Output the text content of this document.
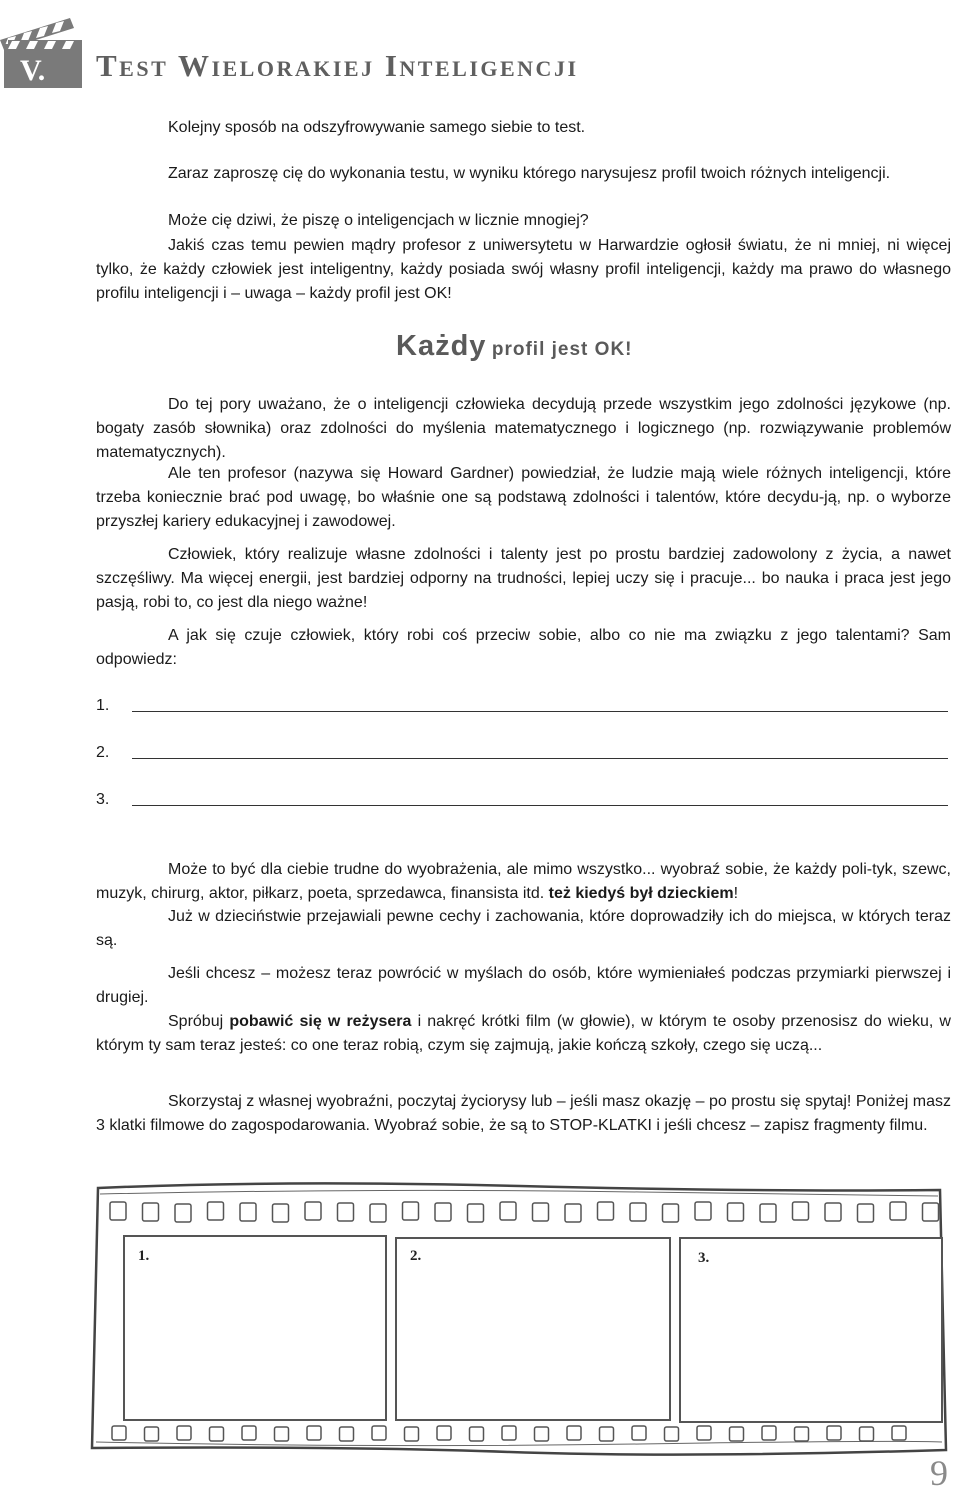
V. Test Wielorakiej Inteligencji

Kolejny sposób na odszyfrowywanie samego siebie to test.

Zaraz zaproszę cię do wykonania testu, w wyniku którego narysujesz profil twoich różnych inteligencji.

Może cię dziwi, że piszę o inteligencjach w licznie mnogiej?

Jakiś czas temu pewien mądry profesor z uniwersytetu w Harwardzie ogłosił światu, że ni mniej, ni więcej tylko, że każdy człowiek jest inteligentny, każdy posiada swój własny profil inteligencji, każdy ma prawo do własnego profilu inteligencji i – uwaga – każdy profil jest OK!

Każdy profil jest OK!

Do tej pory uważano, że o inteligencji człowieka decydują przede wszystkim jego zdolności językowe (np. bogaty zasób słownika) oraz zdolności do myślenia matematycznego i logicznego (np. rozwiązywanie problemów matematycznych).

Ale ten profesor (nazywa się Howard Gardner) powiedział, że ludzie mają wiele różnych inteligencji, które trzeba koniecznie brać pod uwagę, bo właśnie one są podstawą zdolności i talentów, które decydu-ją, np. o wyborze przyszłej kariery edukacyjnej i zawodowej.

Człowiek, który realizuje własne zdolności i talenty jest po prostu bardziej zadowolony z życia, a nawet szczęśliwy. Ma więcej energii, jest bardziej odporny na trudności, lepiej uczy się i pracuje... bo nauka i praca jest jego pasją, robi to, co jest dla niego ważne!

A jak się czuje człowiek, który robi coś przeciw sobie, albo co nie ma związku z jego talentami? Sam odpowiedz:

1.
2.
3.

Może to być dla ciebie trudne do wyobrażenia, ale mimo wszystko... wyobraź sobie, że każdy poli-tyk, szewc, muzyk, chirurg, aktor, piłkarz, poeta, sprzedawca, finansista itd. też kiedyś był dzieckiem!

Już w dzieciństwie przejawiali pewne cechy i zachowania, które doprowadziły ich do miejsca, w których teraz są.

Jeśli chcesz – możesz teraz powrócić w myślach do osób, które wymieniałeś podczas przymiarki pierwszej i drugiej.

Spróbuj pobawić się w reżysera i nakręć krótki film (w głowie), w którym te osoby przenosisz do wieku, w którym ty sam teraz jesteś: co one teraz robią, czym się zajmują, jakie kończą szkoły, czego się uczą...

Skorzystaj z własnej wyobraźni, poczytaj życiorysy lub – jeśli masz okazję – po prostu się spytaj! Poniżej masz 3 klatki filmowe do zagospodarowania. Wyobraź sobie, że są to STOP-KLATKI i jeśli chcesz – zapisz fragmenty filmu.

1.	2.	3.

9
